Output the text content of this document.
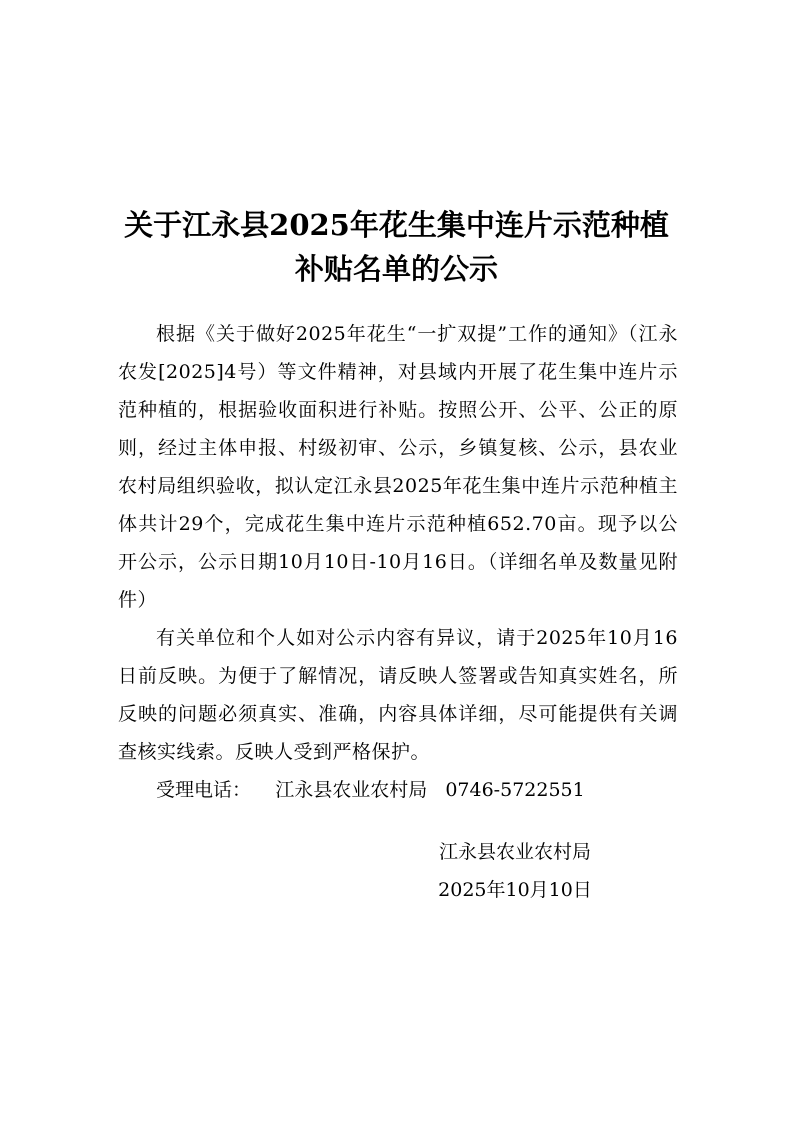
关于江永县2025年花生集中连片示范种植
补贴名单的公示

根据《关于做好2025年花生“一扩双提”工作的通知》（江永农发[2025]4号）等文件精神，对县域内开展了花生集中连片示范种植的，根据验收面积进行补贴。按照公开、公平、公正的原则，经过主体申报、村级初审、公示，乡镇复核、公示，县农业农村局组织验收，拟认定江永县2025年花生集中连片示范种植主体共计29个，完成花生集中连片示范种植652.70亩。现予以公开公示，公示日期10月10日-10月16日。（详细名单及数量见附件）

有关单位和个人如对公示内容有异议，请于2025年10月16日前反映。为便于了解情况，请反映人签署或告知真实姓名，所反映的问题必须真实、准确，内容具体详细，尽可能提供有关调查核实线索。反映人受到严格保护。

受理电话： 江永县农业农村局 0746-5722551

江永县农业农村局
2025年10月10日
